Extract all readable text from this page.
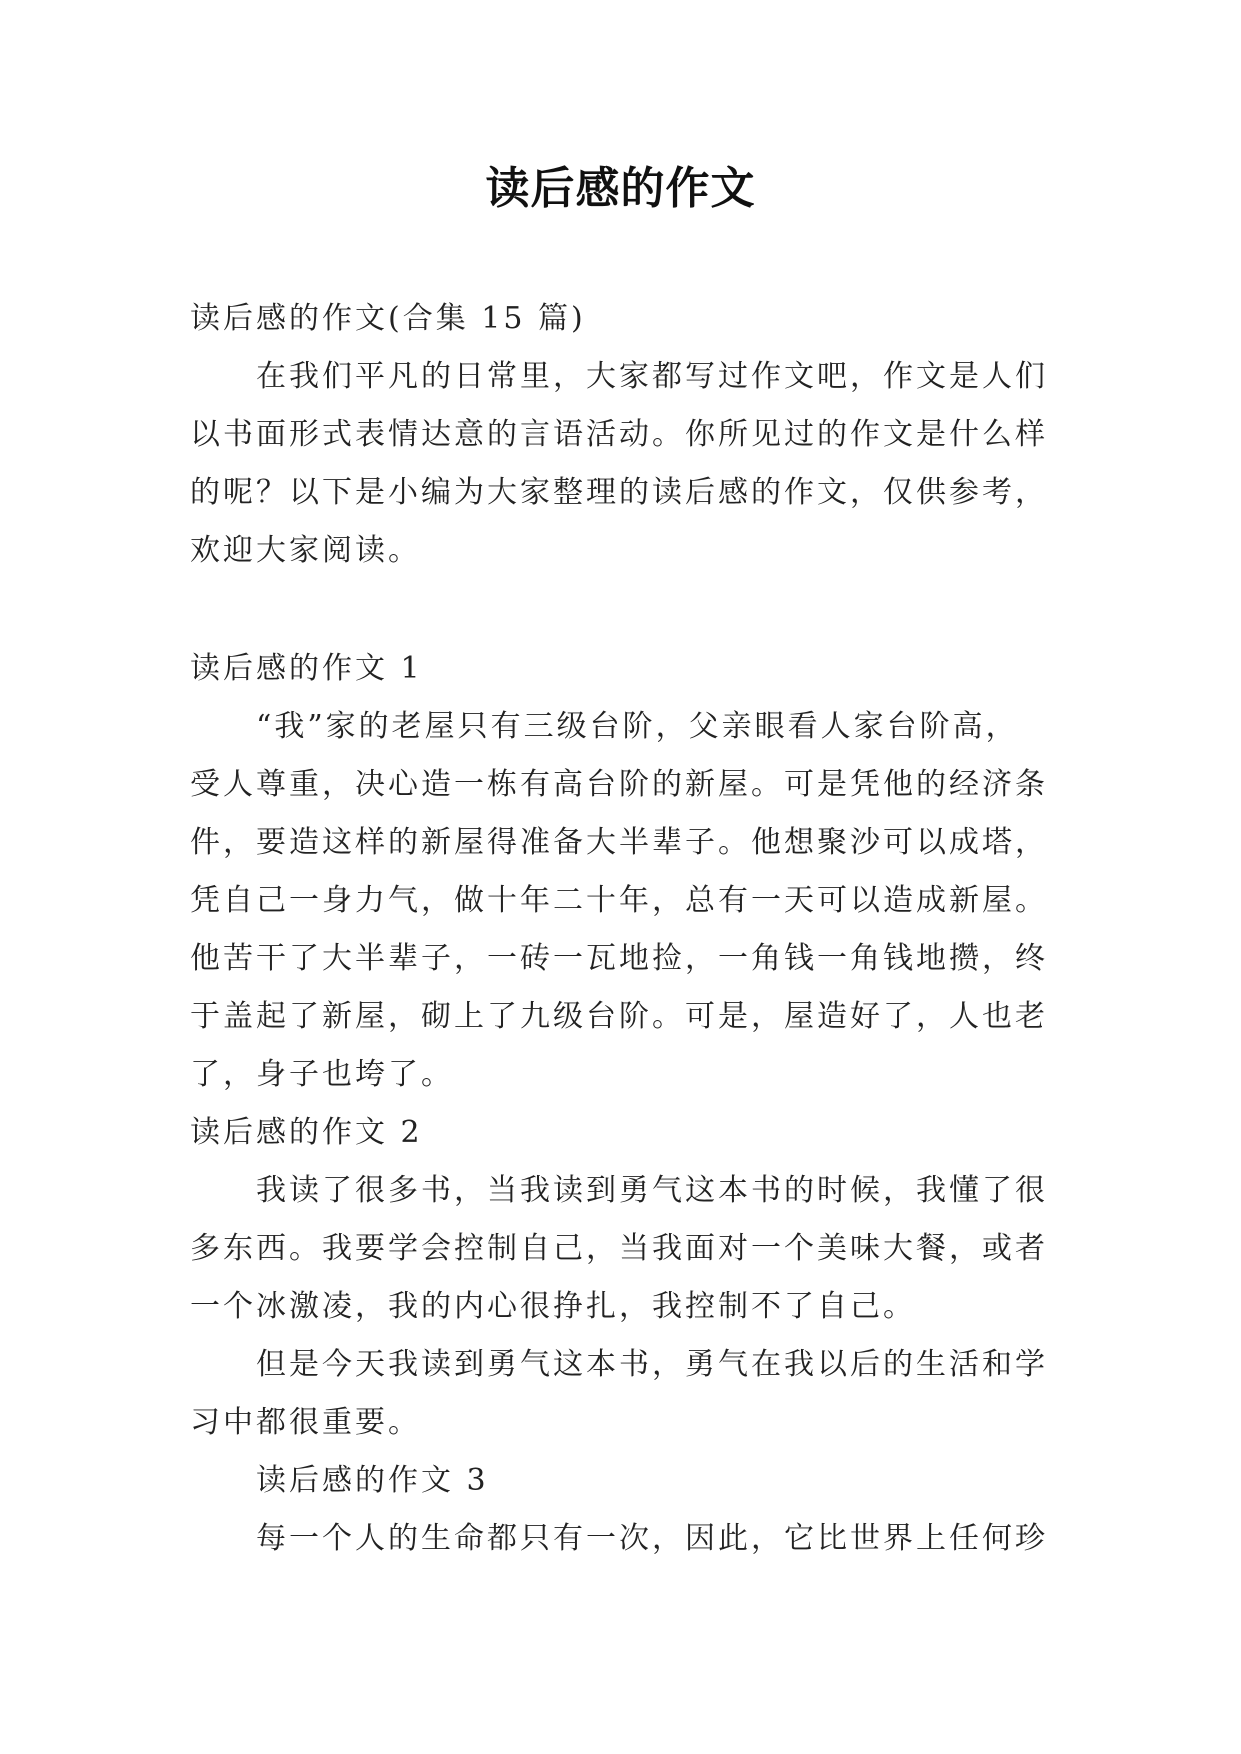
读后感的作文
读后感的作文(合集 15 篇)
在我们平凡的日常里，大家都写过作文吧，作文是人们
以书面形式表情达意的言语活动。你所见过的作文是什么样
的呢？以下是小编为大家整理的读后感的作文，仅供参考，
欢迎大家阅读。
读后感的作文 1
“我”家的老屋只有三级台阶，父亲眼看人家台阶高，
受人尊重，决心造一栋有高台阶的新屋。可是凭他的经济条
件，要造这样的新屋得准备大半辈子。他想聚沙可以成塔，
凭自己一身力气，做十年二十年，总有一天可以造成新屋。
他苦干了大半辈子，一砖一瓦地捡，一角钱一角钱地攒，终
于盖起了新屋，砌上了九级台阶。可是，屋造好了，人也老
了，身子也垮了。
读后感的作文 2
我读了很多书，当我读到勇气这本书的时候，我懂了很
多东西。我要学会控制自己，当我面对一个美味大餐，或者
一个冰激凌，我的内心很挣扎，我控制不了自己。
但是今天我读到勇气这本书，勇气在我以后的生活和学
习中都很重要。
读后感的作文 3
每一个人的生命都只有一次，因此，它比世界上任何珍
